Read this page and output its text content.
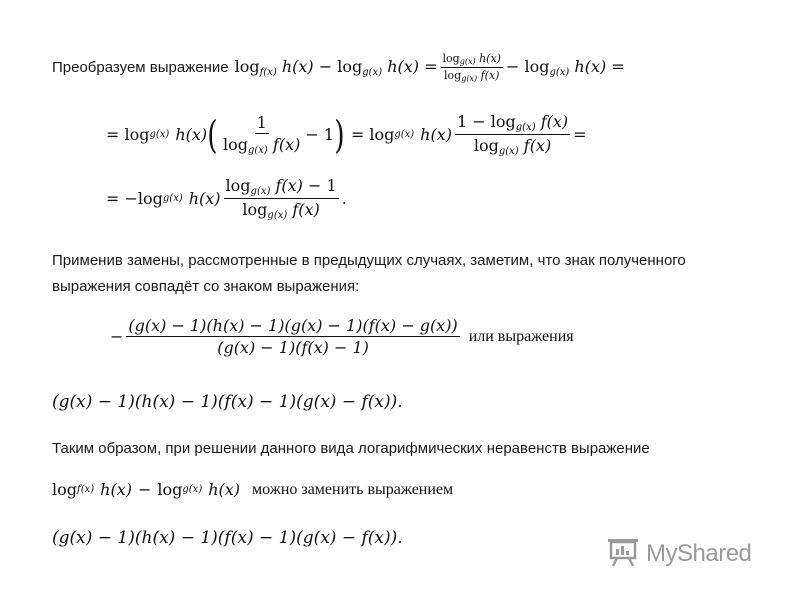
Преобразуем выражение $\log_{f(x)} h(x) - \log_{g(x)} h(x) = \frac{\log_{g(x)} h(x)}{\log_{g(x)} f(x)} - \log_{g(x)} h(x)$ =
= log g(x) h(x) ( $\frac{1}{\log_{g(x)} f(x)} - 1$ ) = log g(x) $h(x) \frac{1 - \log_{g(x)} f(x)}{\log_{g(x)} f(x)}$ =
= −log g(x) $h(x) \frac{\log_{g(x)} f(x) - 1}{\log_{g(x)} f(x)}$ .
Применив замены, рассмотренные в предыдущих случаях, заметим, что знак полученного
выражения совпадёт со знаком выражения:
− $\frac{(g(x) - 1)(h(x) - 1)(g(x) - 1)(f(x) - g(x))}{(g(x) - 1)(f(x) - 1)}$ или выражения
(g(x) − 1)(h(x) − 1)(f(x) − 1)(g(x) − f(x)).
Таким образом, при решении данного вида логарифмических неравенств выражение
log f(x) h(x) − log g(x) h(x) можно заменить выражением
(g(x) − 1)(h(x) − 1)(f(x) − 1)(g(x) − f(x)).
MyShared
